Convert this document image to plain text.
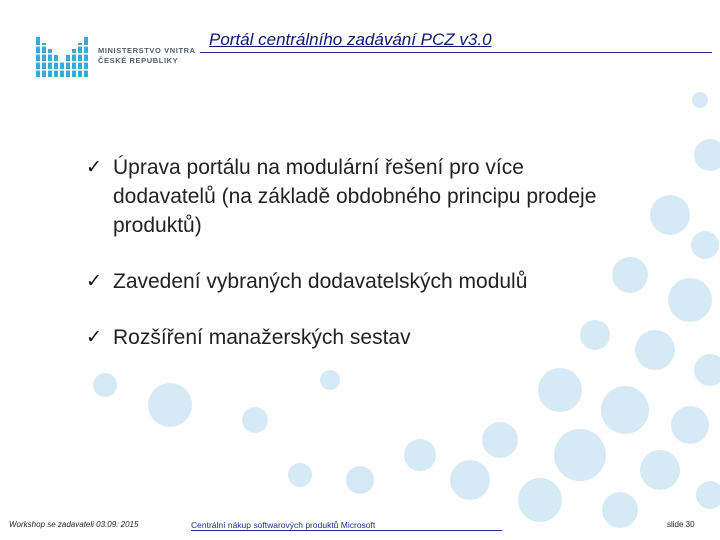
MINISTERSTVO VNITRA
ČESKÉ REPUBLIKY
Portál centrálního zadávání PCZ v3.0
✓ Úprava portálu na modulární řešení pro více dodavatelů (na základě obdobného principu prodeje produktů)
✓ Zavedení vybraných dodavatelských modulů
✓ Rozšíření manažerských sestav
Workshop se zadavateli 03.09. 2015	Centrální nákup softwarových produktů Microsoft	slide 30
